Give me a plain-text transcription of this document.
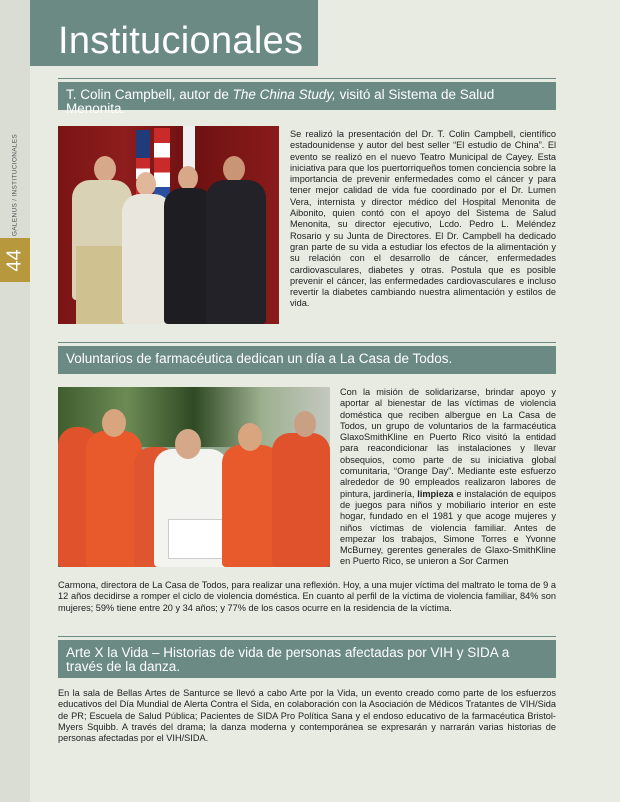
GALENUS / INSTITUCIONALES
44
Institucionales
T. Colin Campbell, autor de The China Study, visitó al Sistema de Salud Menonita.
Se realizó la presentación del Dr. T. Colin Campbell, científico estadounidense y autor del best seller “El estudio de China”. El evento se realizó en el nuevo Teatro Municipal de Cayey. Esta iniciativa para que los puertorriqueños tomen conciencia sobre la importancia de prevenir enfermedades como el cáncer y para tener mejor calidad de vida fue coordinado por el Dr. Lumen Vera, internista y director médico del Hospital Menonita de Aibonito, quien contó con el apoyo del Sistema de Salud Menonita, su director ejecutivo, Lcdo. Pedro L. Meléndez Rosario y su Junta de Directores. El Dr. Campbell ha dedicado gran parte de su vida a estudiar los efectos de la alimentación y su relación con el desarrollo de cáncer, enfermedades cardiovasculares, diabetes y otras. Postula que es posible prevenir el cáncer, las enfermedades cardiovasculares e incluso revertir la diabetes cambiando nuestra alimentación y estilos de vida.
Voluntarios de farmacéutica dedican un día a La Casa de Todos.
Con la misión de solidarizarse, brindar apoyo y aportar al bienestar de las víctimas de violencia doméstica que reciben albergue en La Casa de Todos, un grupo de voluntarios de la farmacéutica GlaxoSmithKline en Puerto Rico visitó la entidad para reacondicionar las instalaciones y llevar obsequios, como parte de su iniciativa global comunitaria, “Orange Day”. Mediante este esfuerzo alrededor de 90 empleados realizaron labores de pintura, jardinería, limpieza e instalación de equipos de juegos para niños y mobiliario interior en este hogar, fundado en el 1981 y que acoge mujeres y niños víctimas de violencia familiar. Antes de empezar los trabajos, Simone Torres e Yvonne McBurney, gerentes generales de Glaxo-SmithKline en Puerto Rico, se unieron a Sor Carmen
Carmona, directora de La Casa de Todos, para realizar una reflexión. Hoy, a una mujer víctima del maltrato le toma de 9 a 12 años decidirse a romper el ciclo de violencia doméstica. En cuanto al perfil de la víctima de violencia familiar, 84% son mujeres; 59% tiene entre 20 y 34 años; y 77% de los casos ocurre en la residencia de la víctima.
Arte X la Vida – Historias de vida de personas afectadas por VIH y SIDA a través de la danza.
En la sala de Bellas Artes de Santurce se llevó a cabo Arte por la Vida, un evento creado como parte de los esfuerzos educativos del Día Mundial de Alerta Contra el Sida, en colaboración con la Asociación de Médicos Tratantes de VIH/Sida de PR; Escuela de Salud Pública; Pacientes de SIDA Pro Política Sana y el endoso educativo de la farmacéutica Bristol- Myers Squibb. A través del drama; la danza moderna y contemporánea se expresarán y narrarán varias historias de personas afectadas por el VIH/SIDA.
